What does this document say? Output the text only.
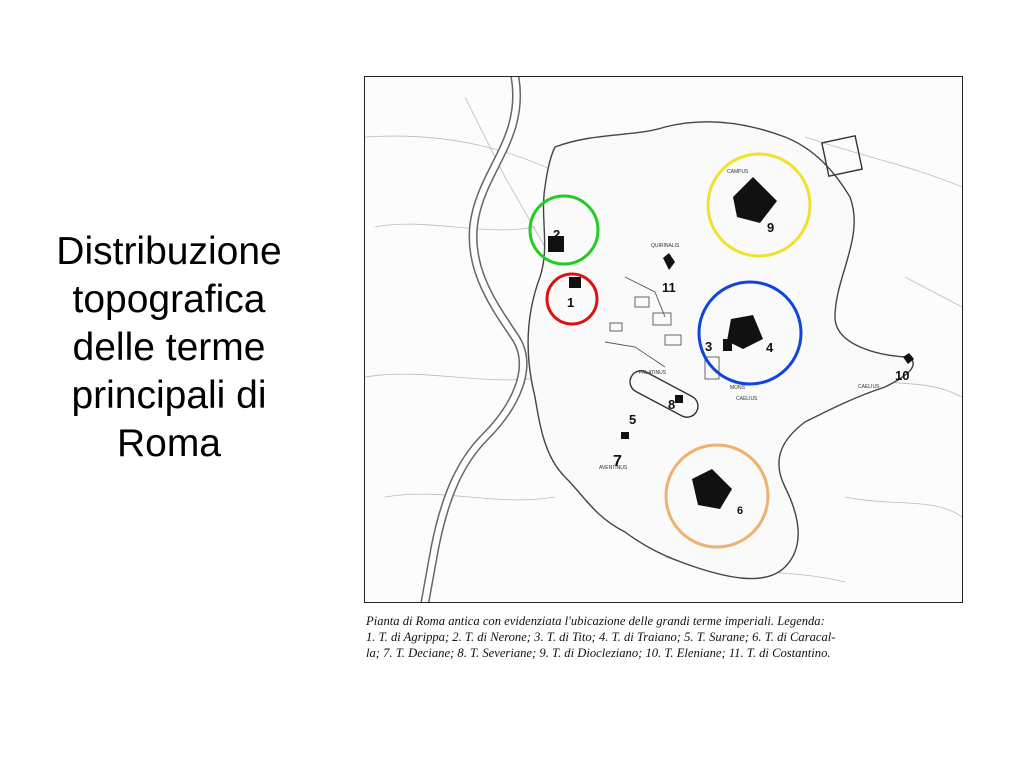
Distribuzione
topografica
delle terme
principali di
Roma
AVENTINUS
PALATINUS
CAELIUS
CAELIUS
CAMPUS
QUIRINALIS
MONS
2
1
3	4
5
6
7
8
9
10
11
Pianta di Roma antica con evidenziata l'ubicazione delle grandi terme imperiali. Legenda:
1. T. di Agrippa; 2. T. di Nerone; 3. T. di Tito; 4. T. di Traiano; 5. T. Surane; 6. T. di Caracal-
la; 7. T. Deciane; 8. T. Severiane; 9. T. di Diocleziano; 10. T. Eleniane; 11. T. di Costantino.
